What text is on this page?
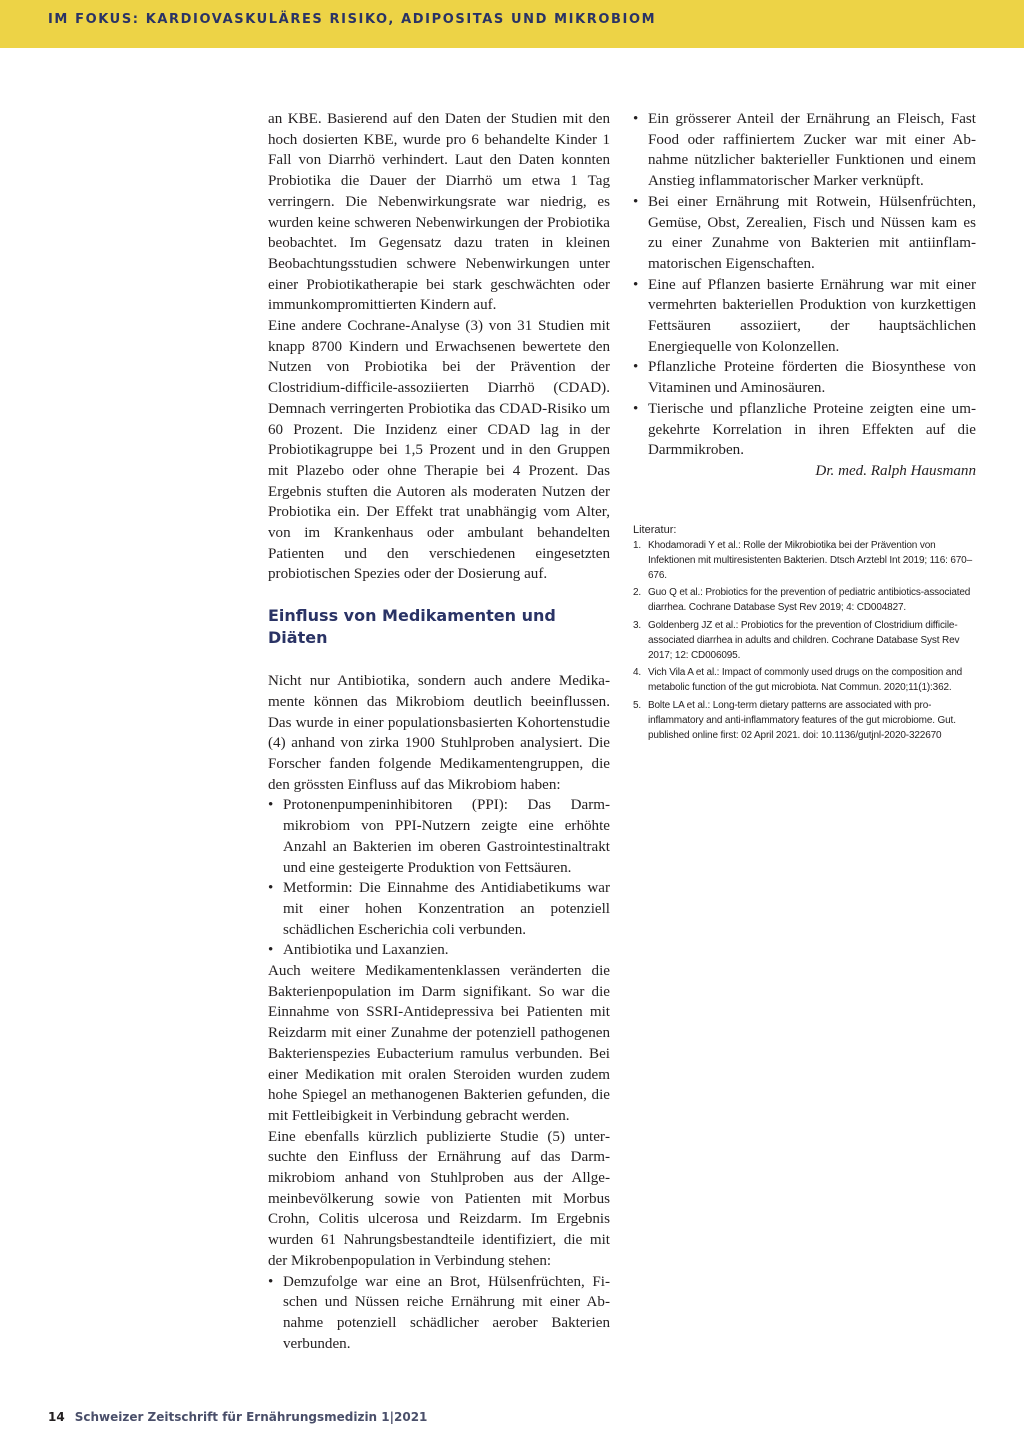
IM FOKUS: KARDIOVASKULÄRES RISIKO, ADIPOSITAS UND MIKROBIOM

an KBE. Basierend auf den Daten der Studien mit den hoch dosierten KBE, wurde pro 6 behandelte Kinder 1 Fall von Diarrhö verhindert. Laut den Daten konnten Probiotika die Dauer der Diarrhö um etwa 1 Tag verringern. Die Nebenwirkungsrate war niedrig, es wurden keine schweren Nebenwirkungen der Probiotika beobachtet. Im Gegensatz dazu traten in kleinen Beobachtungsstudien schwere Nebenwirkungen unter einer Probiotikatherapie bei stark geschwächten oder immunkompromittierten Kindern auf.

Eine andere Cochrane-Analyse (3) von 31 Studien mit knapp 8700 Kindern und Erwachsenen bewertete den Nutzen von Probiotika bei der Prävention der Clostridium-difficile-assoziierten Diarrhö (CDAD). Demnach verringerten Probiotika das CDAD-Risiko um 60 Prozent. Die Inzidenz einer CDAD lag in der Probiotikagruppe bei 1,5 Prozent und in den Gruppen mit Plazebo oder ohne Therapie bei 4 Prozent. Das Ergebnis stuften die Autoren als moderaten Nutzen der Probiotika ein. Der Effekt trat unabhängig vom Alter, von im Krankenhaus oder ambulant behandelten Patienten und den verschiedenen eingesetzten probiotischen Spezies oder der Dosierung auf.

Einfluss von Medikamenten und Diäten

Nicht nur Antibiotika, sondern auch andere Medikamente können das Mikrobiom deutlich beeinflussen. Das wurde in einer populationsbasierten Kohortenstudie (4) anhand von zirka 1900 Stuhlproben analysiert. Die Forscher fanden folgende Medikamentengruppen, die den grössten Einfluss auf das Mikrobiom haben:

• Protonenpumpeninhibitoren (PPI): Das Darmmikrobiom von PPI-Nutzern zeigte eine erhöhte Anzahl an Bakterien im oberen Gastrointestinaltrakt und eine gesteigerte Produktion von Fettsäuren.
• Metformin: Die Einnahme des Antidiabetikums war mit einer hohen Konzentration an potenziell schädlichen Escherichia coli verbunden.
• Antibiotika und Laxanzien.

Auch weitere Medikamentenklassen veränderten die Bakterienpopulation im Darm signifikant. So war die Einnahme von SSRI-Antidepressiva bei Patienten mit Reizdarm mit einer Zunahme der potenziell pathogenen Bakterienspezies Eubacterium ramulus verbunden. Bei einer Medikation mit oralen Steroiden wurden zudem hohe Spiegel an methanogenen Bakterien gefunden, die mit Fettleibigkeit in Verbindung gebracht werden.

Eine ebenfalls kürzlich publizierte Studie (5) untersuchte den Einfluss der Ernährung auf das Darmmikrobiom anhand von Stuhlproben aus der Allgemeinbevölkerung sowie von Patienten mit Morbus Crohn, Colitis ulcerosa und Reizdarm. Im Ergebnis wurden 61 Nahrungsbestandteile identifiziert, die mit der Mikrobenpopulation in Verbindung stehen:

• Demzufolge war eine an Brot, Hülsenfrüchten, Fischen und Nüssen reiche Ernährung mit einer Abnahme potenziell schädlicher aerober Bakterien verbunden.
• Ein grösserer Anteil der Ernährung an Fleisch, Fast Food oder raffiniertem Zucker war mit einer Abnahme nützlicher bakterieller Funktionen und einem Anstieg inflammatorischer Marker verknüpft.
• Bei einer Ernährung mit Rotwein, Hülsenfrüchten, Gemüse, Obst, Zerealien, Fisch und Nüssen kam es zu einer Zunahme von Bakterien mit antiinflammatorischen Eigenschaften.
• Eine auf Pflanzen basierte Ernährung war mit einer vermehrten bakteriellen Produktion von kurzkettigen Fettsäuren assoziiert, der hauptsächlichen Energiequelle von Kolonzellen.
• Pflanzliche Proteine förderten die Biosynthese von Vitaminen und Aminosäuren.
• Tierische und pflanzliche Proteine zeigten eine umgekehrte Korrelation in ihren Effekten auf die Darmmikroben.

Dr. med. Ralph Hausmann

Literatur:
1. Khodamoradi Y et al.: Rolle der Mikrobiotika bei der Prävention von Infektionen mit multiresistenten Bakterien. Dtsch Arztebl Int 2019; 116: 670–676.
2. Guo Q et al.: Probiotics for the prevention of pediatric antibiotics-associated diarrhea. Cochrane Database Syst Rev 2019; 4: CD004827.
3. Goldenberg JZ et al.: Probiotics for the prevention of Clostridium difficile-associated diarrhea in adults and children. Cochrane Database Syst Rev 2017; 12: CD006095.
4. Vich Vila A et al.: Impact of commonly used drugs on the composition and metabolic function of the gut microbiota. Nat Commun. 2020;11(1):362.
5. Bolte LA et al.: Long-term dietary patterns are associated with pro-inflammatory and anti-inflammatory features of the gut microbiome. Gut. published online first: 02 April 2021. doi: 10.1136/gutjnl-2020-322670
14 Schweizer Zeitschrift für Ernährungsmedizin 1|2021
